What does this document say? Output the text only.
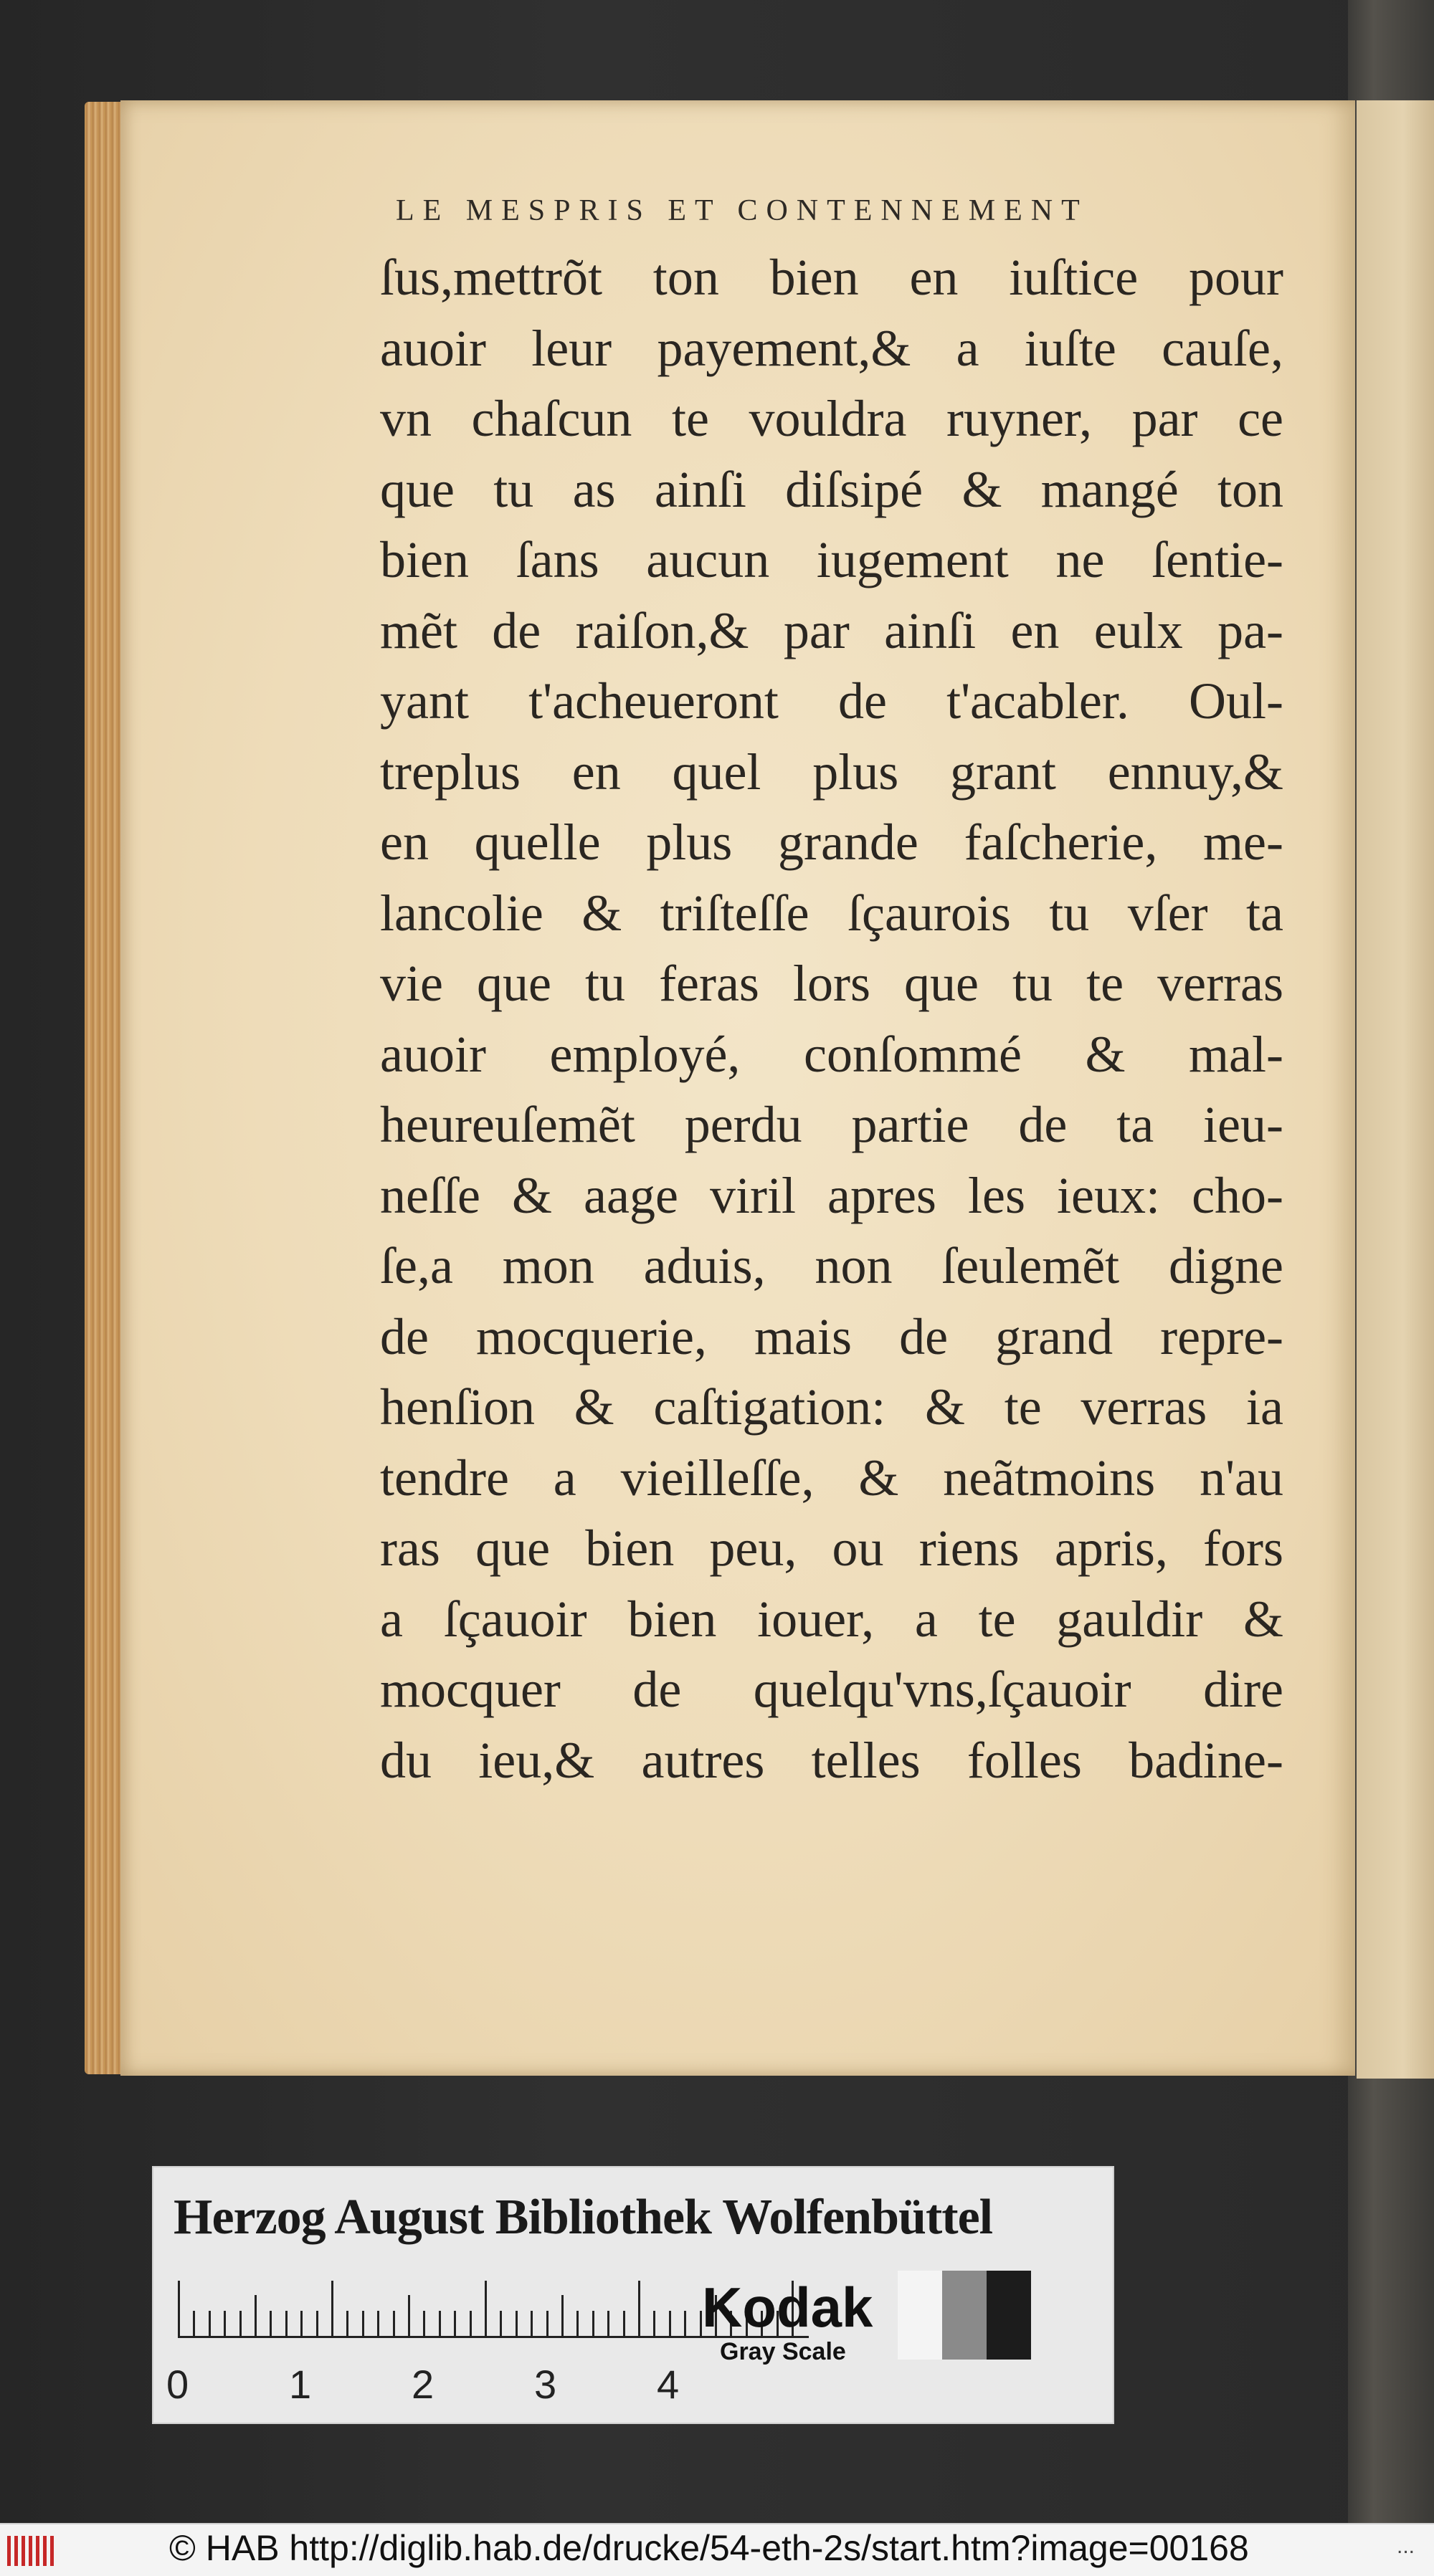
LE MESPRIS ET CONTENNEMENT
ſus,mettrõt ton bien en iuſtice pour
auoir leur payement,& a iuſte cauſe,
vn chaſcun te vouldra ruyner, par ce
que tu as ainſi diſsipé & mangé ton
bien ſans aucun iugement ne ſentie-
mẽt de raiſon,& par ainſi en eulx pa-
yant t'acheueront de t'acabler. Oul-
treplus en quel plus grant ennuy,&
en quelle plus grande faſcherie, me-
lancolie & triſteſſe ſçaurois tu vſer ta
vie que tu feras lors que tu te verras
auoir employé, conſommé & mal-
heureuſemẽt perdu partie de ta ieu-
neſſe & aage viril apres les ieux: cho-
ſe,a mon aduis, non ſeulemẽt digne
de mocquerie, mais de grand repre-
henſion & caſtigation: & te verras ia
tendre a vieilleſſe, & neãtmoins n'au
ras que bien peu, ou riens apris, fors
a ſçauoir bien iouer, a te gauldir &
mocquer de quelqu'vns,ſçauoir dire
du ieu,& autres telles folles badine-
Herzog August Bibliothek Wolfenbüttel
0 1 2 3 4
Kodak
Gray Scale
© HAB http://diglib.hab.de/drucke/54-eth-2s/start.htm?image=00168	...
